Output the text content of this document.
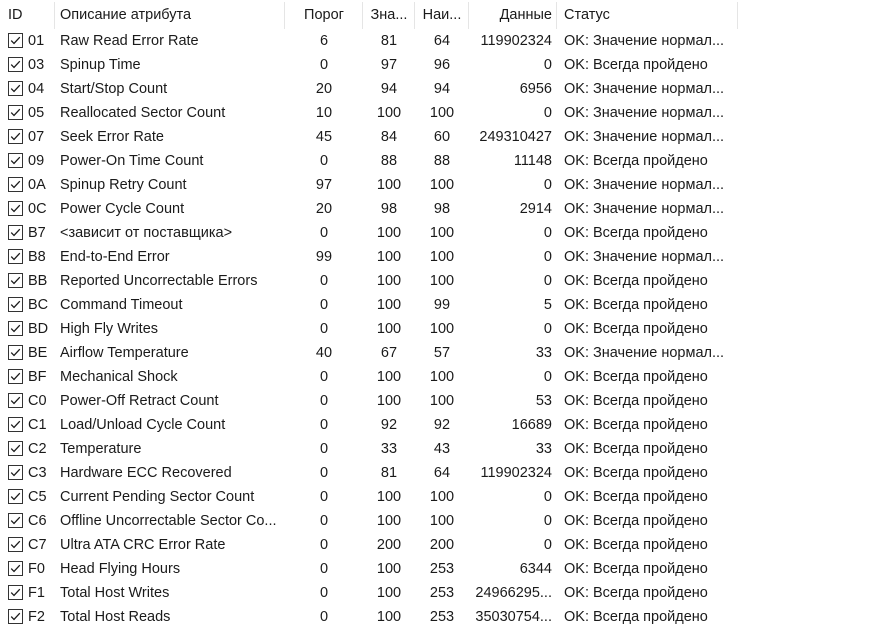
ID	Описание атрибута	Порог	Зна...	Наи...	Данные Статус
01	Raw Read Error Rate	6	81	64	119902324 OK: Значение нормал...
03	Spinup Time	0	97	96	0 OK: Всегда пройдено
04	Start/Stop Count	20	94	94	6956 OK: Значение нормал...
05	Reallocated Sector Count	10	100	100	0 OK: Значение нормал...
07	Seek Error Rate	45	84	60	249310427 OK: Значение нормал...
09	Power-On Time Count	0	88	88	11148 OK: Всегда пройдено
0A Spinup Retry Count	97	100	100	0 OK: Значение нормал...
0C Power Cycle Count	20	98	98	2914 OK: Значение нормал...
B7 <зависит от поставщика>	0	100	100	0 OK: Всегда пройдено
B8 End-to-End Error	99	100	100	0 OK: Значение нормал...
BB Reported Uncorrectable Errors	0	100	100	0 OK: Всегда пройдено
BC Command Timeout	0	100	99	5 OK: Всегда пройдено
BD High Fly Writes	0	100	100	0 OK: Всегда пройдено
BE Airflow Temperature	40	67	57	33 OK: Значение нормал...
BF Mechanical Shock	0	100	100	0 OK: Всегда пройдено
C0 Power-Off Retract Count	0	100	100	53 OK: Всегда пройдено
C1 Load/Unload Cycle Count	0	92	92	16689 OK: Всегда пройдено
C2 Temperature	0	33	43	33 OK: Всегда пройдено
C3 Hardware ECC Recovered	0	81	64	119902324 OK: Всегда пройдено
C5 Current Pending Sector Count	0	100	100	0 OK: Всегда пройдено
C6 Offline Uncorrectable Sector Co...	0	100	100	0 OK: Всегда пройдено
C7 Ultra ATA CRC Error Rate	0	200	200	0 OK: Всегда пройдено
F0	Head Flying Hours	0	100	253	6344 OK: Всегда пройдено
F1	Total Host Writes	0	100	253	24966295... OK: Всегда пройдено
F2	Total Host Reads	0	100	253	35030754... OK: Всегда пройдено
